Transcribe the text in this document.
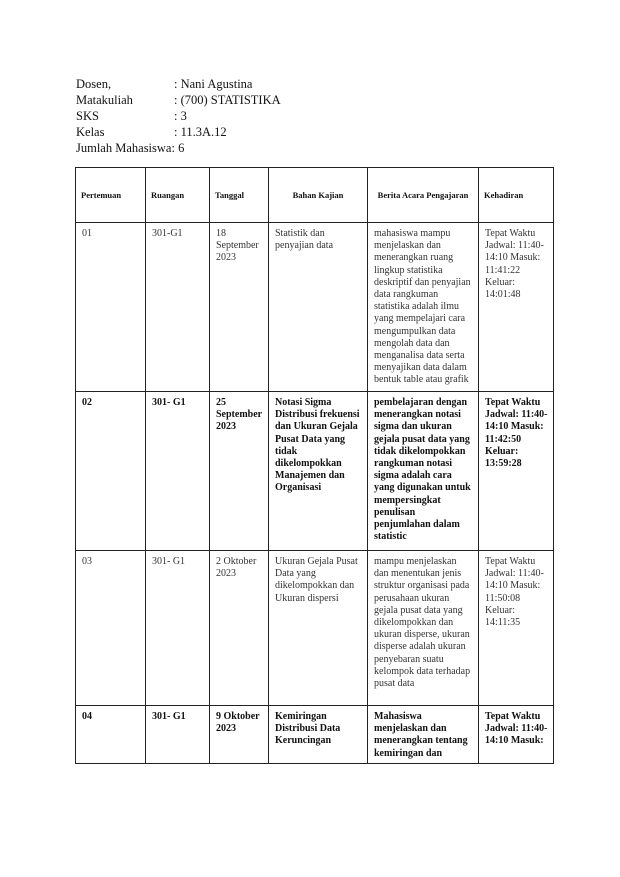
Dosen,	: Nani Agustina
Matakuliah	: (700) STATISTIKA
SKS	: 3
Kelas	: 11.3A.12
Jumlah Mahasiswa : 6
Pertemuan	Ruangan	Tanggal	Bahan Kajian	Berita Acara Pengajaran	Kehadiran
01	301-G1	18 September 2023	Statistik dan penyajian data	mahasiswa mampu menjelaskan dan menerangkan ruang lingkup statistika deskriptif dan penyajian data rangkuman statistika adalah ilmu yang mempelajari cara mengumpulkan data mengolah data dan menganalisa data serta menyajikan data dalam bentuk table atau grafik	Tepat Waktu Jadwal: 11:40-14:10 Masuk: 11:41:22 Keluar: 14:01:48
02	301- G1	25 September 2023	Notasi Sigma Distribusi frekuensi dan Ukuran Gejala Pusat Data yang tidak dikelompokkan Manajemen dan Organisasi	pembelajaran dengan menerangkan notasi sigma dan ukuran gejala pusat data yang tidak dikelompokkan rangkuman notasi sigma adalah cara yang digunakan untuk mempersingkat penulisan penjumlahan dalam statistic	Tepat Waktu Jadwal: 11:40-14:10 Masuk: 11:42:50 Keluar: 13:59:28
03	301- G1	2 Oktober 2023	Ukuran Gejala Pusat Data yang dikelompokkan dan Ukuran dispersi	mampu menjelaskan dan menentukan jenis struktur organisasi pada perusahaan ukuran gejala pusat data yang dikelompokkan dan ukuran disperse, ukuran disperse adalah ukuran penyebaran suatu kelompok data terhadap pusat data	Tepat Waktu Jadwal: 11:40-14:10 Masuk: 11:50:08 Keluar: 14:11:35
04	301- G1	9 Oktober 2023	Kemiringan Distribusi Data Keruncingan	Mahasiswa menjelaskan dan menerangkan tentang kemiringan dan	Tepat Waktu Jadwal: 11:40-14:10 Masuk:
